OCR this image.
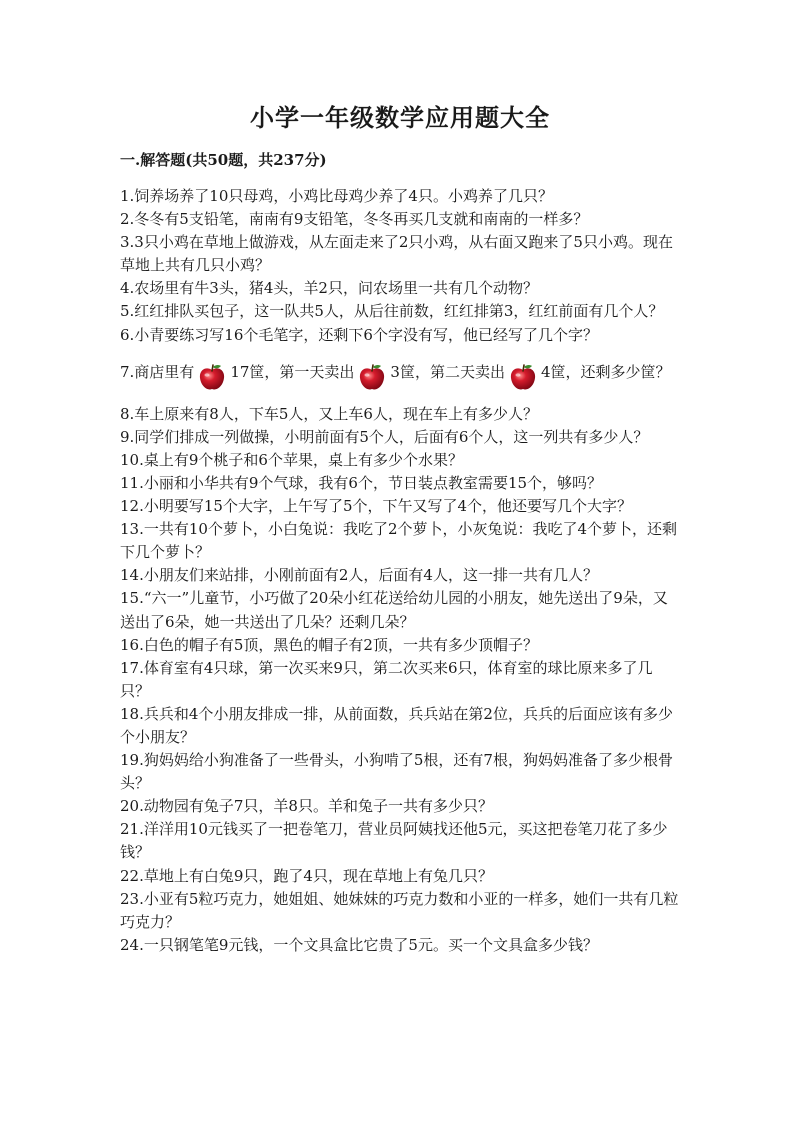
小学一年级数学应用题大全
一.解答题(共50题，共237分)

1.饲养场养了10只母鸡，小鸡比母鸡少养了4只。小鸡养了几只？

2.冬冬有5支铅笔，南南有9支铅笔，冬冬再买几支就和南南的一样多？

3.3只小鸡在草地上做游戏，从左面走来了2只小鸡，从右面又跑来了5只小鸡。现在草地上共有几只小鸡？

4.农场里有牛3头，猪4头，羊2只，问农场里一共有几个动物？

5.红红排队买包子，这一队共5人，从后往前数，红红排第3，红红前面有几个人？

6.小青要练习写16个毛笔字，还剩下6个字没有写，他已经写了几个字？

7.商店里有 17筐，第一天卖出 3筐，第二天卖出 4筐，还剩多少筐？

8.车上原来有8人，下车5人，又上车6人，现在车上有多少人？

9.同学们排成一列做操，小明前面有5个人，后面有6个人，这一列共有多少人？

10.桌上有9个桃子和6个苹果，桌上有多少个水果？

11.小丽和小华共有9个气球，我有6个，节日装点教室需要15个，够吗？

12.小明要写15个大字，上午写了5个，下午又写了4个，他还要写几个大字？

13.一共有10个萝卜，小白兔说：我吃了2个萝卜，小灰兔说：我吃了4个萝卜，还剩下几个萝卜？

14.小朋友们来站排，小刚前面有2人，后面有4人，这一排一共有几人？

15.“六一”儿童节，小巧做了20朵小红花送给幼儿园的小朋友，她先送出了9朵，又送出了6朵，她一共送出了几朵？还剩几朵？

16.白色的帽子有5顶，黑色的帽子有2顶，一共有多少顶帽子？

17.体育室有4只球，第一次买来9只，第二次买来6只，体育室的球比原来多了几只？

18.兵兵和4个小朋友排成一排，从前面数，兵兵站在第2位，兵兵的后面应该有多少个小朋友？

19.狗妈妈给小狗准备了一些骨头，小狗啃了5根，还有7根，狗妈妈准备了多少根骨头？

20.动物园有兔子7只，羊8只。羊和兔子一共有多少只？

21.洋洋用10元钱买了一把卷笔刀，营业员阿姨找还他5元，买这把卷笔刀花了多少钱？

22.草地上有白兔9只，跑了4只，现在草地上有兔几只？

23.小亚有5粒巧克力，她姐姐、她妹妹的巧克力数和小亚的一样多，她们一共有几粒巧克力？

24.一只钢笔笔9元钱，一个文具盒比它贵了5元。买一个文具盒多少钱？
